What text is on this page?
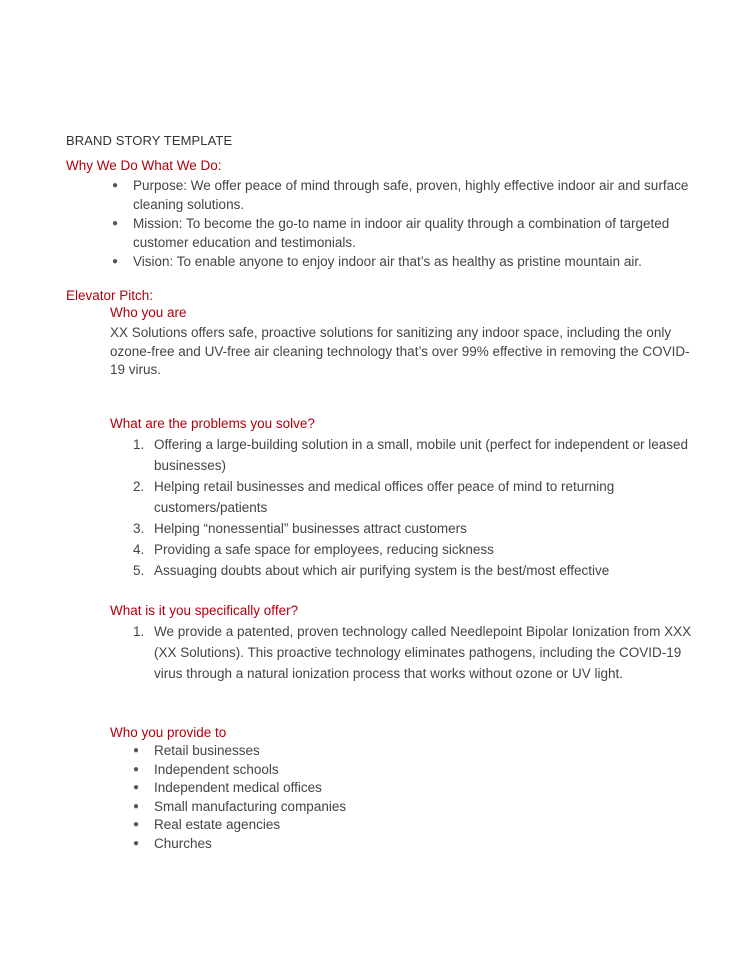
BRAND STORY TEMPLATE
Why We Do What We Do:
● Purpose: We offer peace of mind through safe, proven, highly effective indoor air and surface cleaning solutions.
● Mission: To become the go-to name in indoor air quality through a combination of targeted customer education and testimonials.
● Vision: To enable anyone to enjoy indoor air that’s as healthy as pristine mountain air.
Elevator Pitch:
Who you are
XX Solutions offers safe, proactive solutions for sanitizing any indoor space, including the only ozone-free and UV-free air cleaning technology that’s over 99% effective in removing the COVID-19 virus.
What are the problems you solve?
1. Offering a large-building solution in a small, mobile unit (perfect for independent or leased businesses)
2. Helping retail businesses and medical offices offer peace of mind to returning customers/patients
3. Helping “nonessential” businesses attract customers
4. Providing a safe space for employees, reducing sickness
5. Assuaging doubts about which air purifying system is the best/most effective
What is it you specifically offer?
1. We provide a patented, proven technology called Needlepoint Bipolar Ionization from XXX (XX Solutions). This proactive technology eliminates pathogens, including the COVID-19 virus through a natural ionization process that works without ozone or UV light.
Who you provide to
● Retail businesses
● Independent schools
● Independent medical offices
● Small manufacturing companies
● Real estate agencies
● Churches
